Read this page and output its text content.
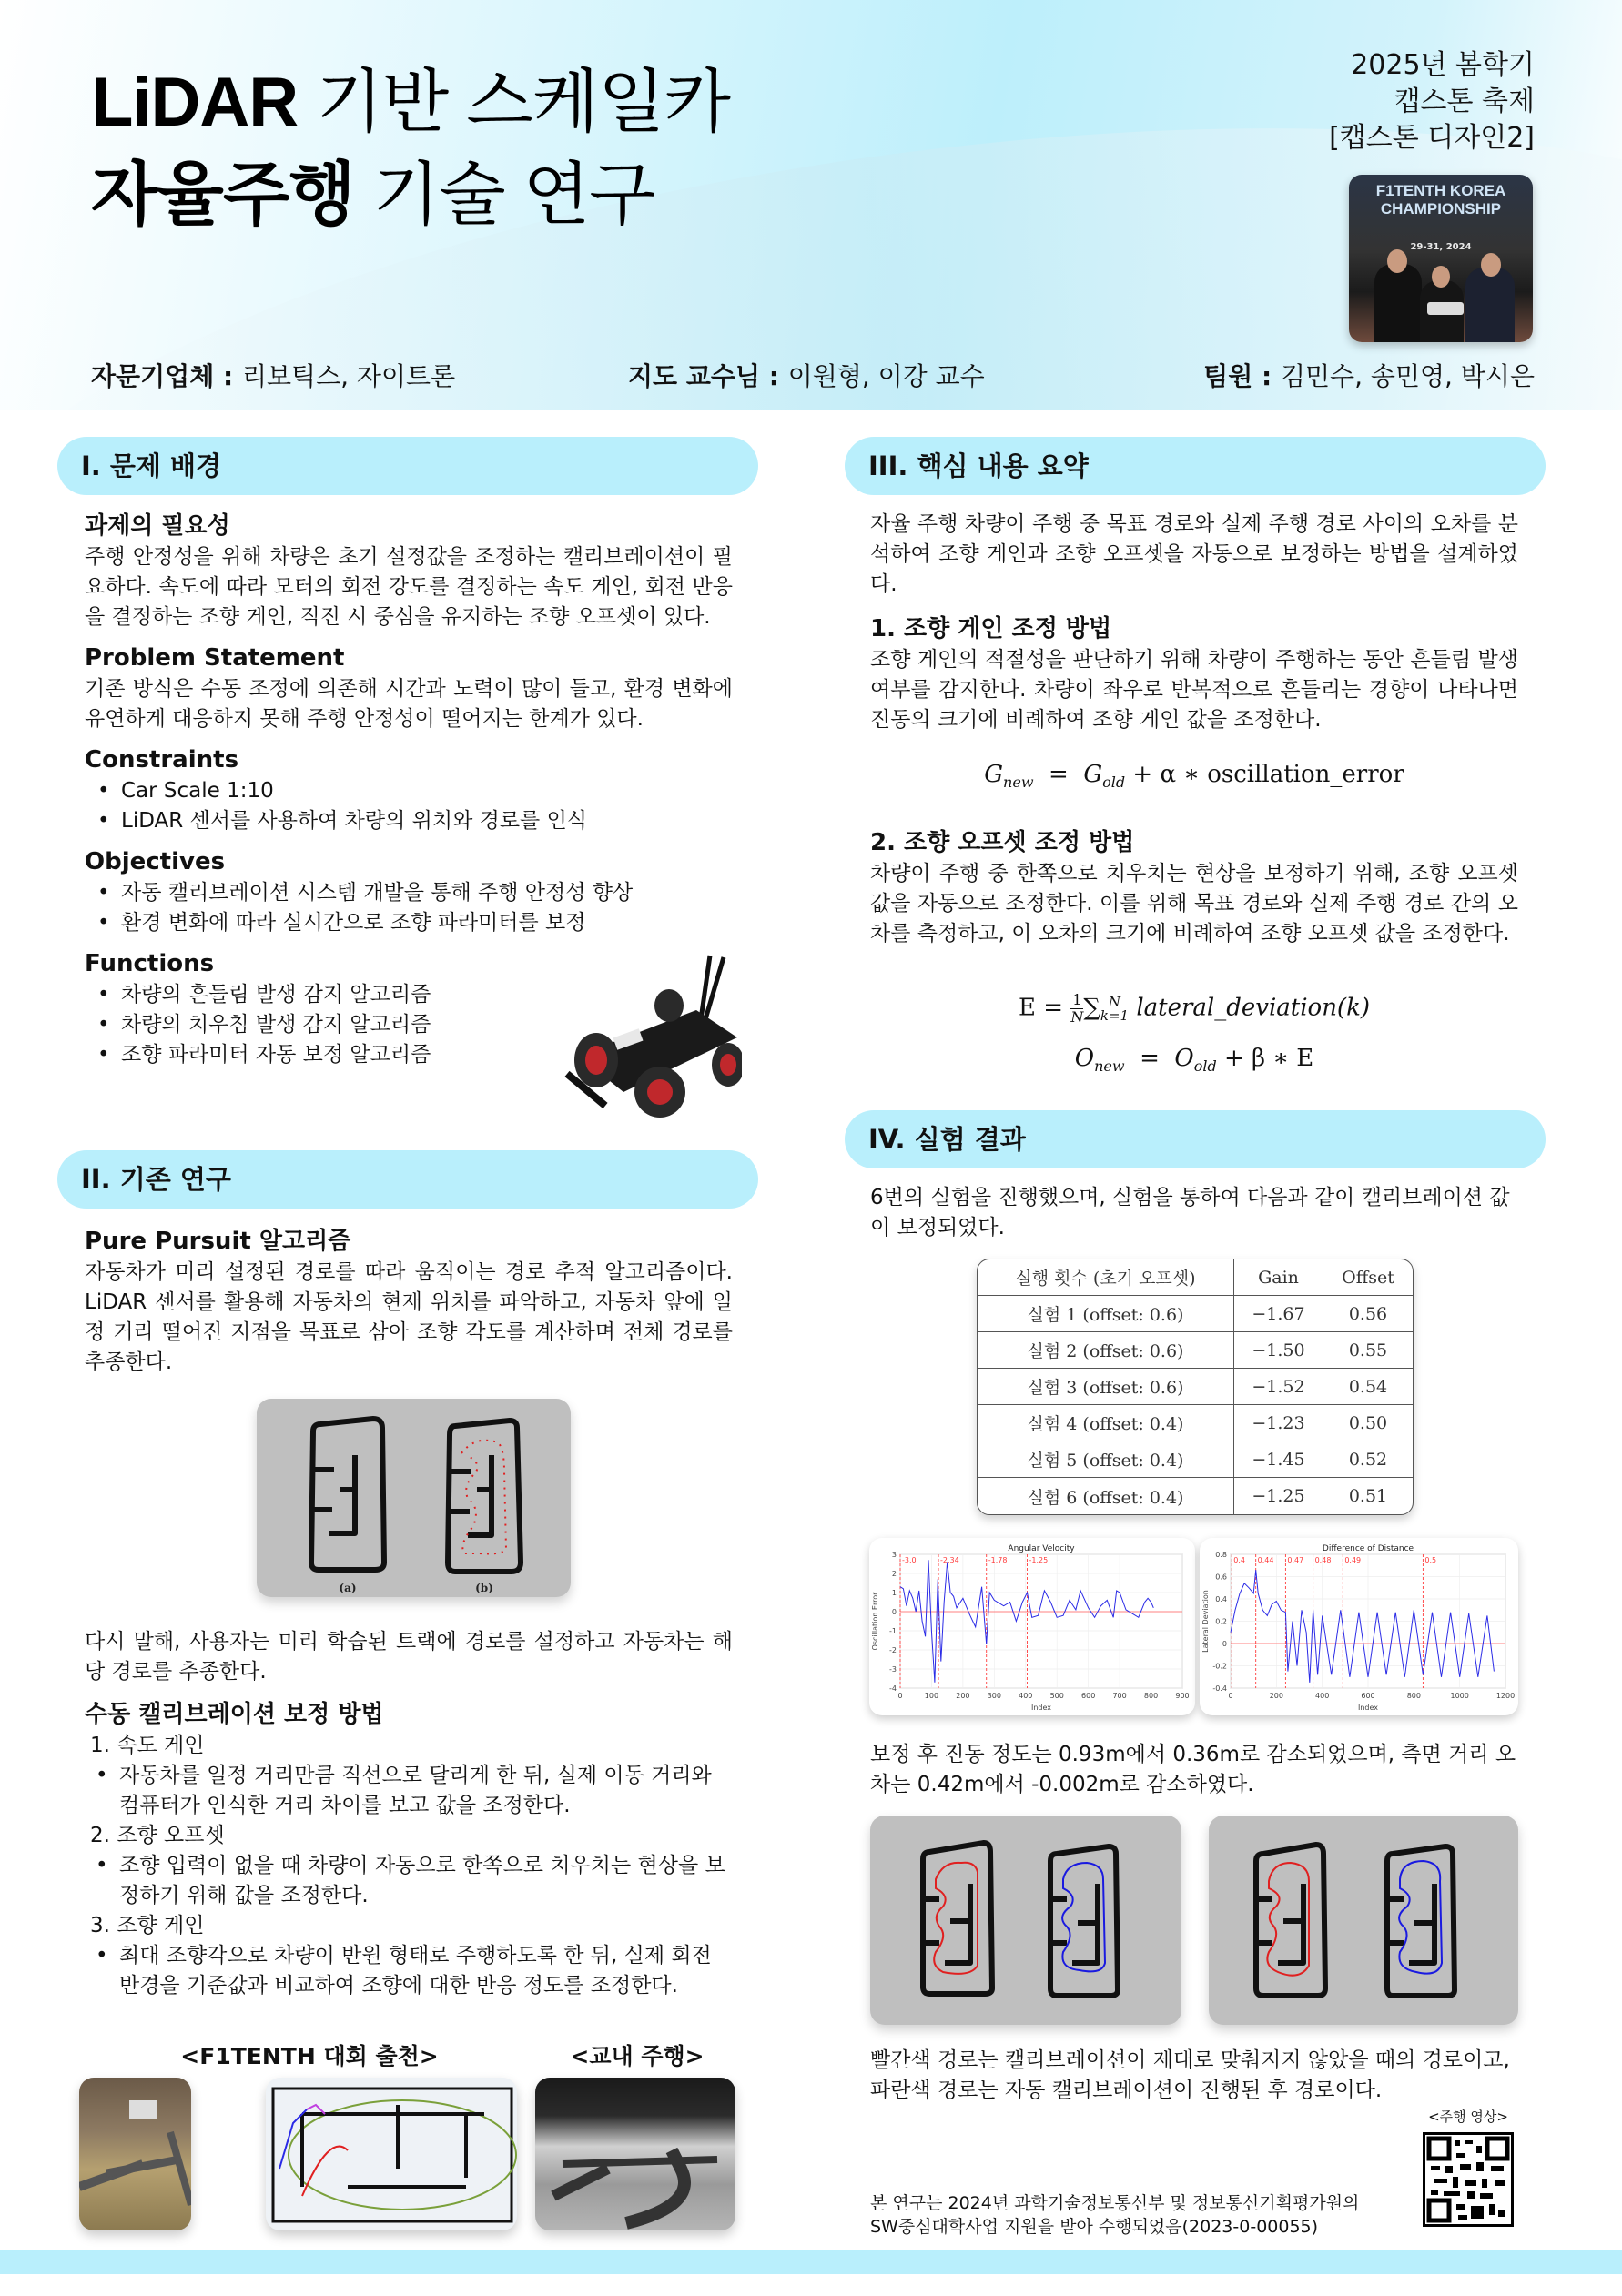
LiDAR 기반 스케일카
자율주행 기술 연구
2025년 봄학기
캡스톤 축제
[캡스톤 디자인2]
F1TENTH KOREA
CHAMPIONSHIP
29-31, 2024
자문기업체 : 리보틱스, 자이트론	지도 교수님 : 이원형, 이강 교수	팀원 : 김민수, 송민영, 박시은
I. 문제 배경
과제의 필요성

주행 안정성을 위해 차량은 초기 설정값을 조정하는 캘리브레이션이 필요하다. 속도에 따라 모터의 회전 강도를 결정하는 속도 게인, 회전 반응을 결정하는 조향 게인, 직진 시 중심을 유지하는 조향 오프셋이 있다.

Problem Statement

기존 방식은 수동 조정에 의존해 시간과 노력이 많이 들고, 환경 변화에 유연하게 대응하지 못해 주행 안정성이 떨어지는 한계가 있다.

Constraints
• Car Scale 1:10
• LiDAR 센서를 사용하여 차량의 위치와 경로를 인식
Objectives
• 자동 캘리브레이션 시스템 개발을 통해 주행 안정성 향상
• 환경 변화에 따라 실시간으로 조향 파라미터를 보정
Functions
• 차량의 흔들림 발생 감지 알고리즘
• 차량의 치우침 발생 감지 알고리즘
• 조향 파라미터 자동 보정 알고리즘
II. 기존 연구
Pure Pursuit 알고리즘

자동차가 미리 설정된 경로를 따라 움직이는 경로 추적 알고리즘이다. LiDAR 센서를 활용해 자동차의 현재 위치를 파악하고, 자동차 앞에 일정 거리 떨어진 지점을 목표로 삼아 조향 각도를 계산하며 전체 경로를 추종한다.

(a)	(b)

다시 말해, 사용자는 미리 학습된 트랙에 경로를 설정하고 자동차는 해당 경로를 추종한다.

수동 캘리브레이션 보정 방법
1. 속도 게인
• 자동차를 일정 거리만큼 직선으로 달리게 한 뒤, 실제 이동 거리와 컴퓨터가 인식한 거리 차이를 보고 값을 조정한다.
2. 조향 오프셋
• 조향 입력이 없을 때 차량이 자동으로 한쪽으로 치우치는 현상을 보정하기 위해 값을 조정한다.
3. 조향 게인
• 최대 조향각으로 차량이 반원 형태로 주행하도록 한 뒤, 실제 회전 반경을 기준값과 비교하여 조향에 대한 반응 정도를 조정한다.
<F1TENTH 대회 출천>	<교내 주행>
III. 핵심 내용 요약

자율 주행 차량이 주행 중 목표 경로와 실제 주행 경로 사이의 오차를 분석하여 조향 게인과 조향 오프셋을 자동으로 보정하는 방법을 설계하였다.

1. 조향 게인 조정 방법

조향 게인의 적절성을 판단하기 위해 차량이 주행하는 동안 흔들림 발생 여부를 감지한다. 차량이 좌우로 반복적으로 흔들리는 경향이 나타나면 진동의 크기에 비례하여 조향 게인 값을 조정한다.

$G_{new} = G_{old} + \alpha$ ∗ oscillation_error
2. 조향 오프셋 조정 방법

차량이 주행 중 한쪽으로 치우치는 현상을 보정하기 위해, 조향 오프셋 값을 자동으로 조정한다. 이를 위해 목표 경로와 실제 주행 경로 간의 오차를 측정하고, 이 오차의 크기에 비례하여 조향 오프셋 값을 조정한다.

$E = \frac{1}{N}$ ∑ N
k=1 lateral_deviation(k)
$O_{new} = O_{old} + \beta$ ∗ E
IV. 실험 결과

6번의 실험을 진행했으며, 실험을 통하여 다음과 같이 캘리브레이션 값이 보정되었다.

실행 횟수 (초기 오프셋)	Gain	Offset
실험 1 (offset: 0.6)	−1.67	0.56
실험 2 (offset: 0.6)	−1.50	0.55
실험 3 (offset: 0.6)	−1.52	0.54
실험 4 (offset: 0.4)	−1.23	0.50
실험 5 (offset: 0.4)	−1.45	0.52
실험 6 (offset: 0.4)	−1.25	0.51
0	100 200 300 400 500 600 700 800 900
-4
-3
-2
-1
0
1
2
3
-3.0	-2.34	-1.78	-1.25
Angular Velocity
Index
Oscillation Error
0	200	400	600	800	1000	1200
-0.4
-0.2
0
0.2
0.4
0.6
0.8
0.4 0.44 0.47 0.48 0.49	0.5
Difference of Distance
Index
Lateral Deviation

보정 후 진동 정도는 0.93m에서 0.36m로 감소되었으며, 측면 거리 오차는 0.42m에서 -0.002m로 감소하였다.

빨간색 경로는 캘리브레이션이 제대로 맞춰지지 않았을 때의 경로이고, 파란색 경로는 자동 캘리브레이션이 진행된 후 경로이다.

<주행 영상>
본 연구는 2024년 과학기술정보통신부 및 정보통신기획평가원의
SW중심대학사업 지원을 받아 수행되었음(2023-0-00055)
